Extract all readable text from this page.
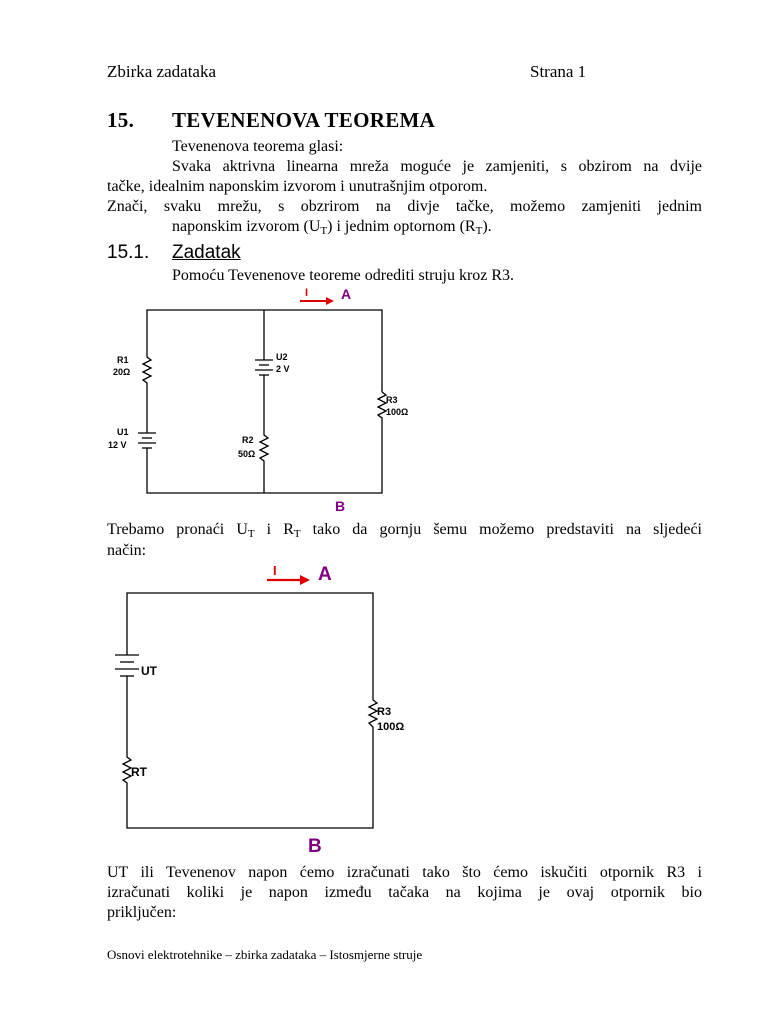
Zbirka zadataka	Strana 1
15. TEVENENOVA TEOREMA
Tevenenova teorema glasi:
Svaka aktrivna linearna mreža moguće je zamjeniti, s obzirom na dvije
tačke, idealnim naponskim izvorom i unutrašnjim otporom.
Znači, svaku mrežu, s obzrirom na divje tačke, možemo zamjeniti jednim
naponskim izvorom $(U_T)$ i jednim optornom $(R_T)$.
15.1. Zadatak
Pomoću Tevenenove teoreme odrediti struju kroz R3.
I A
B
R1
20Ω
U1
12 V
U2
2 V
R2
50Ω
R3
100Ω
I A
B
UT
RT
R3
100Ω
Trebamo pronaći $U_T$ i $R_T$ tako da gornju šemu možemo predstaviti na sljedeći
način:
UT ili Tevenenov napon ćemo izračunati tako što ćemo iskučiti otpornik R3 i
izračunati koliki je napon između tačaka na kojima je ovaj otpornik bio
priključen:
Osnovi elektrotehnike – zbirka zadataka – Istosmjerne struje
